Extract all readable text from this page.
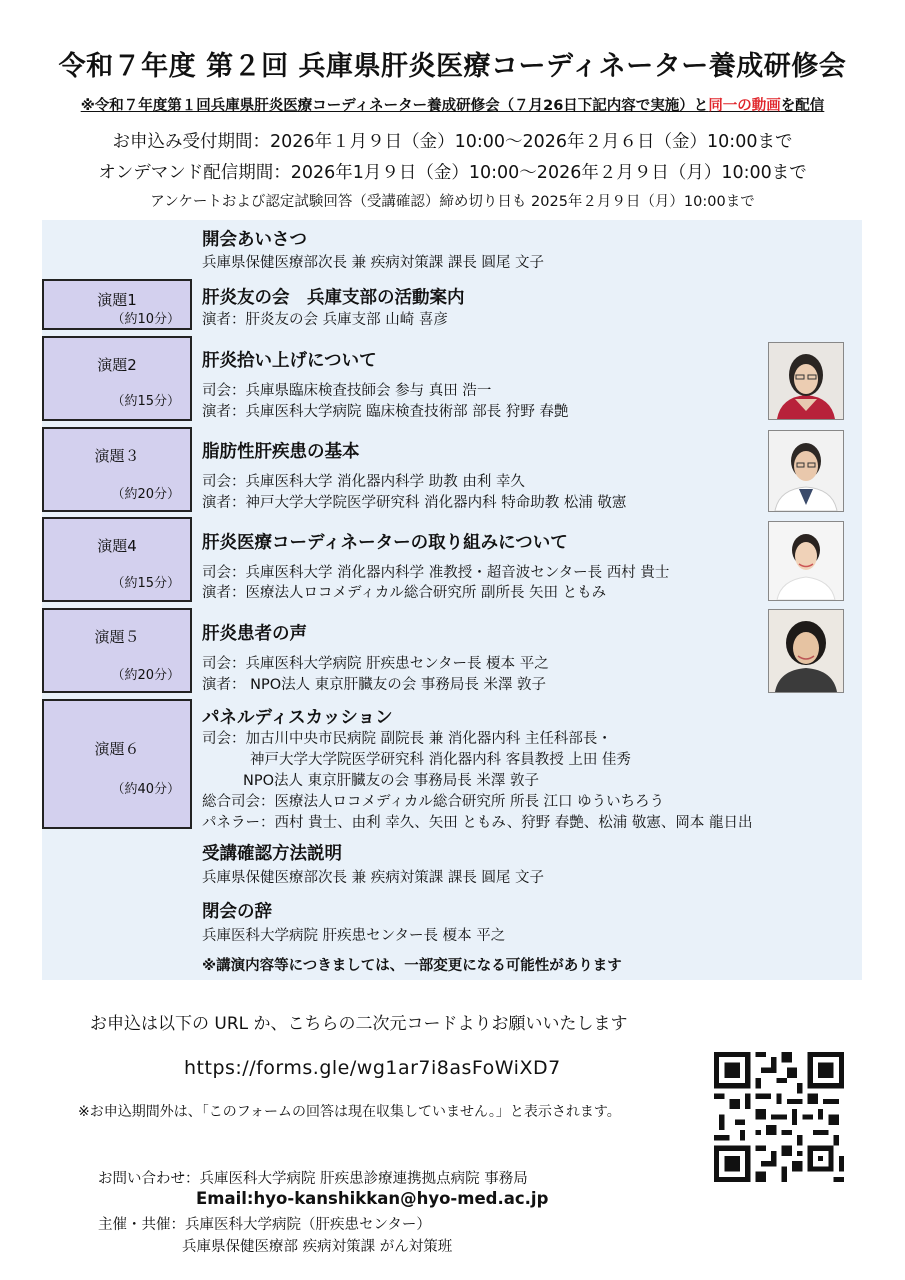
令和７年度 第２回 兵庫県肝炎医療コーディネーター養成研修会
※令和７年度第１回兵庫県肝炎医療コーディネーター養成研修会（７月26日下記内容で実施）と同一の動画を配信
お申込み受付期間：2026年１月９日（金）10:00～2026年２月６日（金）10:00まで
オンデマンド配信期間：2026年1月９日（金）10:00～2026年２月９日（月）10:00まで
アンケートおよび認定試験回答（受講確認）締め切り日も 2025年２月９日（月）10:00まで
開会あいさつ
兵庫県保健医療部次長 兼 疾病対策課 課長 圓尾 文子
演題1
（約10分）
肝炎友の会　兵庫支部の活動案内
演者：肝炎友の会 兵庫支部 山崎 喜彦
演題2
（約15分）
肝炎拾い上げについて
司会：兵庫県臨床検査技師会 参与 真田 浩一
演者：兵庫医科大学病院 臨床検査技術部 部長 狩野 春艶
演題３
（約20分）
脂肪性肝疾患の基本
司会：兵庫医科大学 消化器内科学 助教 由利 幸久
演者：神戸大学大学院医学研究科 消化器内科 特命助教 松浦 敬憲
演題4
（約15分）
肝炎医療コーディネーターの取り組みについて
司会：兵庫医科大学 消化器内科学 准教授・超音波センター長 西村 貴士
演者：医療法人ロコメディカル総合研究所 副所長 矢田 ともみ
演題５
（約20分）
肝炎患者の声
司会：兵庫医科大学病院 肝疾患センター長 榎本 平之
演者： NPO法人 東京肝臓友の会 事務局長 米澤 敦子
演題６
（約40分）
パネルディスカッション
司会：加古川中央市民病院 副院長 兼 消化器内科 主任科部長・
神戸大学大学院医学研究科 消化器内科 客員教授 上田 佳秀
NPO法人 東京肝臓友の会 事務局長 米澤 敦子
総合司会：医療法人ロコメディカル総合研究所 所長 江口 ゆういちろう
パネラー：西村 貴士、由利 幸久、矢田 ともみ、狩野 春艶、松浦 敬憲、岡本 龍日出
受講確認方法説明
兵庫県保健医療部次長 兼 疾病対策課 課長 圓尾 文子
閉会の辞
兵庫医科大学病院 肝疾患センター長 榎本 平之
※講演内容等につきましては、一部変更になる可能性があります
お申込は以下の URL か、こちらの二次元コードよりお願いいたします
https://forms.gle/wg1ar7i8asFoWiXD7
※お申込期間外は、「このフォームの回答は現在収集していません。」と表示されます。
お問い合わせ：兵庫医科大学病院 肝疾患診療連携拠点病院 事務局
Email:hyo-kanshikkan@hyo-med.ac.jp
主催・共催：兵庫医科大学病院（肝疾患センター）
兵庫県保健医療部 疾病対策課 がん対策班
